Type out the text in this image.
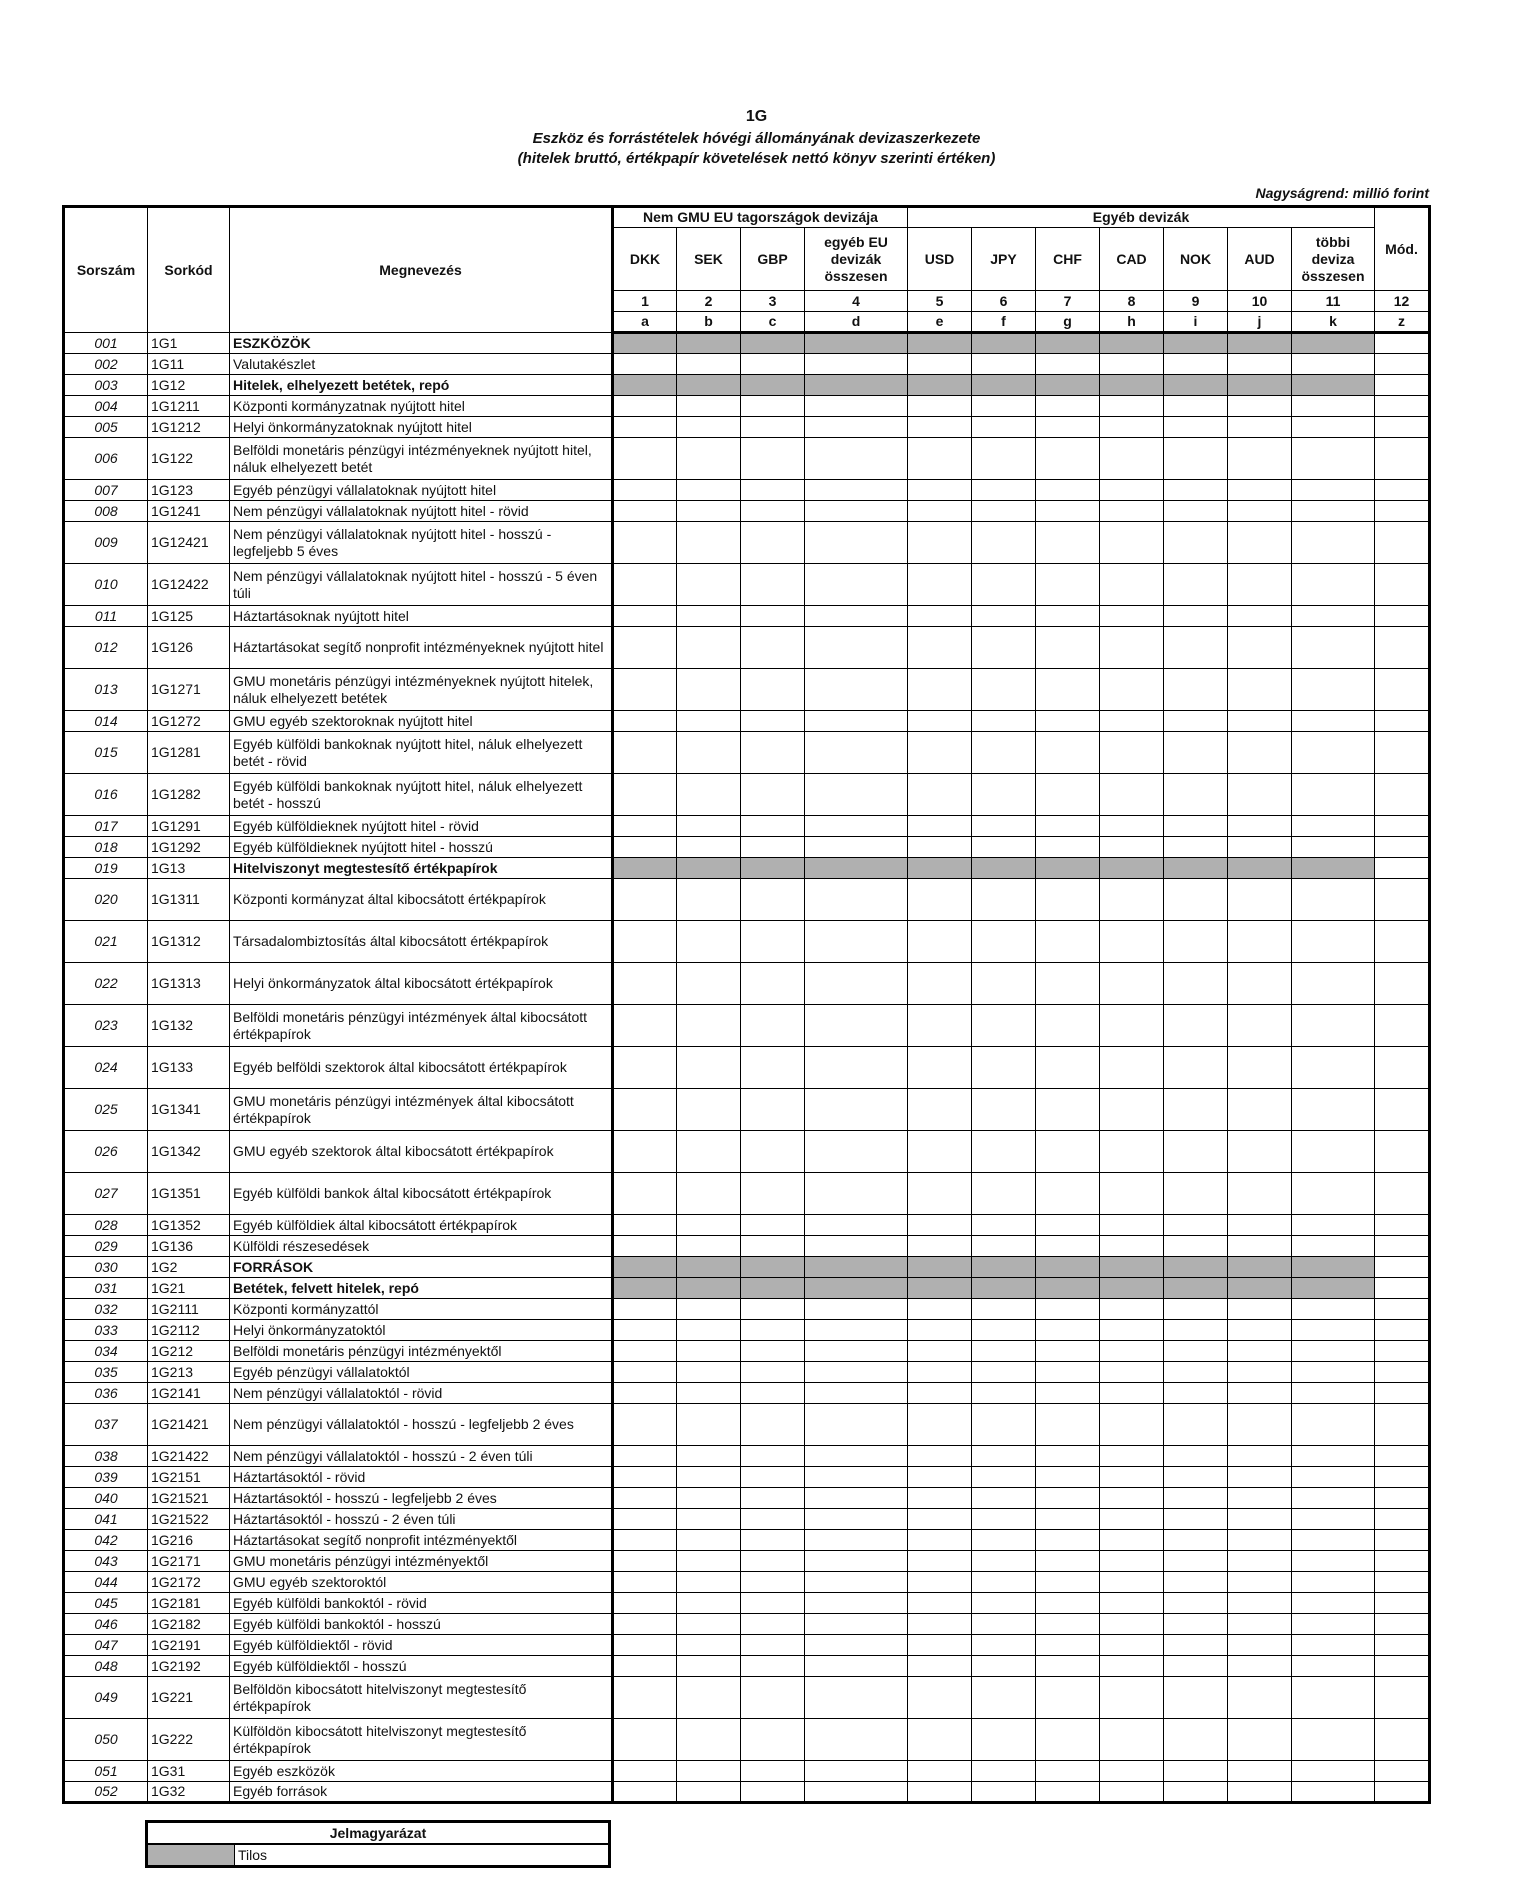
1G
Eszköz és forrástételek hóvégi állományának devizaszerkezete
(hitelek bruttó, értékpapír követelések nettó könyv szerinti értéken)
Nagyságrend: millió forint
Sorszám	Sorkód	Megnevezés	Nem GMU EU tagországok devizája				Egyéb devizák							Mód.
			DKK	SEK	GBP	egyéb EU devizák összesen	USD	JPY	CHF	CAD	NOK	AUD	többi deviza összesen	
			1	2	3	4	5	6	7	8	9	10	11	12
			a	b	c	d	e	f	g	h	i	j	k	z
001	1G1	ESZKÖZÖK												
002	1G11	Valutakészlet												
003	1G12	Hitelek, elhelyezett betétek, repó												
004	1G1211	Központi kormányzatnak nyújtott hitel												
005	1G1212	Helyi önkormányzatoknak nyújtott hitel												
006	1G122	Belföldi monetáris pénzügyi intézményeknek nyújtott hitel, náluk elhelyezett betét												
007	1G123	Egyéb pénzügyi vállalatoknak nyújtott hitel												
008	1G1241	Nem pénzügyi vállalatoknak nyújtott hitel - rövid												
009	1G12421	Nem pénzügyi vállalatoknak nyújtott hitel - hosszú - legfeljebb 5 éves												
010	1G12422	Nem pénzügyi vállalatoknak nyújtott hitel - hosszú - 5 éven túli												
011	1G125	Háztartásoknak nyújtott hitel												
012	1G126	Háztartásokat segítő nonprofit intézményeknek nyújtott hitel												
013	1G1271	GMU monetáris pénzügyi intézményeknek nyújtott hitelek, náluk elhelyezett betétek												
014	1G1272	GMU egyéb szektoroknak nyújtott hitel												
015	1G1281	Egyéb külföldi bankoknak nyújtott hitel, náluk elhelyezett betét - rövid												
016	1G1282	Egyéb külföldi bankoknak nyújtott hitel, náluk elhelyezett betét - hosszú												
017	1G1291	Egyéb külföldieknek nyújtott hitel - rövid												
018	1G1292	Egyéb külföldieknek nyújtott hitel - hosszú												
019	1G13	Hitelviszonyt megtestesítő értékpapírok												
020	1G1311	Központi kormányzat által kibocsátott értékpapírok												
021	1G1312	Társadalombiztosítás által kibocsátott értékpapírok												
022	1G1313	Helyi önkormányzatok által kibocsátott értékpapírok												
023	1G132	Belföldi monetáris pénzügyi intézmények által kibocsátott értékpapírok												
024	1G133	Egyéb belföldi szektorok által kibocsátott értékpapírok												
025	1G1341	GMU monetáris pénzügyi intézmények által kibocsátott értékpapírok												
026	1G1342	GMU egyéb szektorok által kibocsátott értékpapírok												
027	1G1351	Egyéb külföldi bankok által kibocsátott értékpapírok												
028	1G1352	Egyéb külföldiek által kibocsátott értékpapírok												
029	1G136	Külföldi részesedések												
030	1G2	FORRÁSOK												
031	1G21	Betétek, felvett hitelek, repó												
032	1G2111	Központi kormányzattól												
033	1G2112	Helyi önkormányzatoktól												
034	1G212	Belföldi monetáris pénzügyi intézményektől												
035	1G213	Egyéb pénzügyi vállalatoktól												
036	1G2141	Nem pénzügyi vállalatoktól - rövid												
037	1G21421	Nem pénzügyi vállalatoktól - hosszú - legfeljebb 2 éves												
038	1G21422	Nem pénzügyi vállalatoktól - hosszú - 2 éven túli												
039	1G2151	Háztartásoktól - rövid												
040	1G21521	Háztartásoktól - hosszú - legfeljebb 2 éves												
041	1G21522	Háztartásoktól - hosszú - 2 éven túli												
042	1G216	Háztartásokat segítő nonprofit intézményektől												
043	1G2171	GMU monetáris pénzügyi intézményektől												
044	1G2172	GMU egyéb szektoroktól												
045	1G2181	Egyéb külföldi bankoktól - rövid												
046	1G2182	Egyéb külföldi bankoktól - hosszú												
047	1G2191	Egyéb külföldiektől - rövid												
048	1G2192	Egyéb külföldiektől - hosszú												
049	1G221	Belföldön kibocsátott hitelviszonyt megtestesítő értékpapírok												
050	1G222	Külföldön kibocsátott hitelviszonyt megtestesítő értékpapírok												
051	1G31	Egyéb eszközök												
052	1G32	Egyéb források												
Jelmagyarázat
	Tilos
